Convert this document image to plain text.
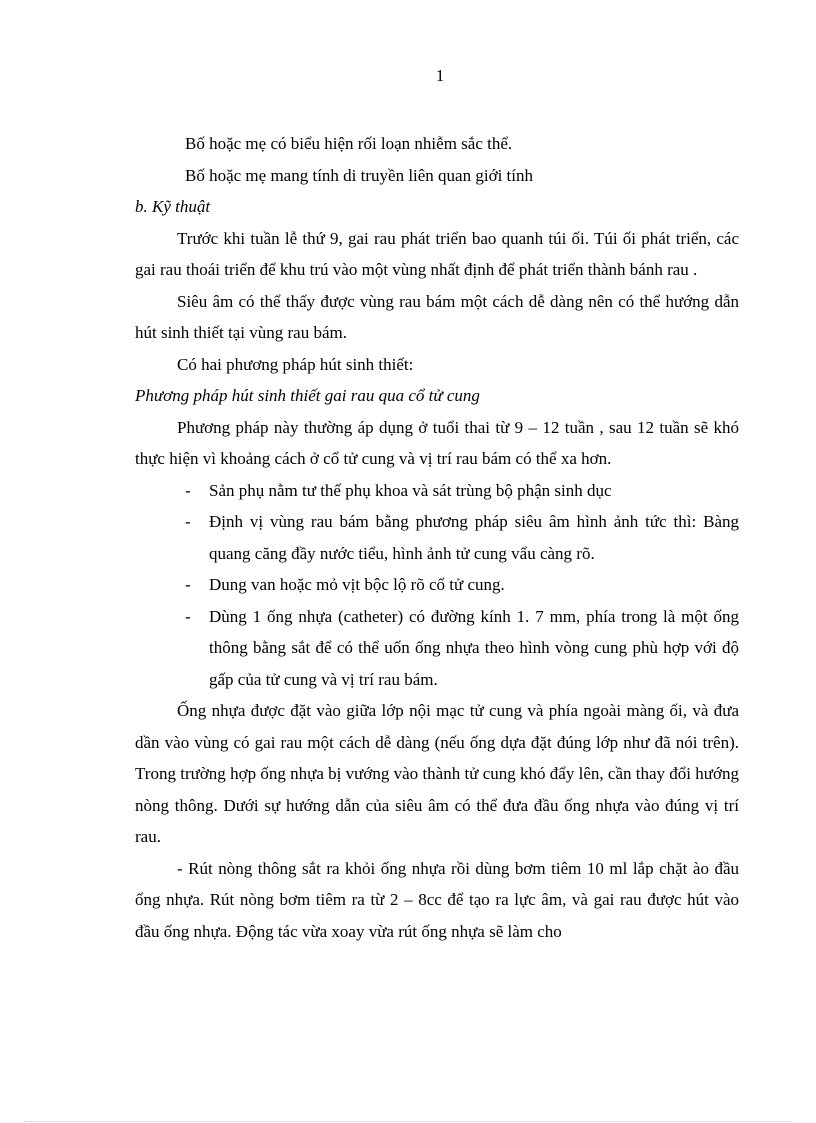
1

Bố hoặc mẹ có biểu hiện rối loạn nhiễm sắc thể.

Bố hoặc mẹ mang tính di truyền liên quan giới tính

b. Kỹ thuật

Trước khi tuần lễ thứ 9, gai rau phát triển bao quanh túi ối. Túi ối phát triển, các gai rau thoái triển để khu trú vào một vùng nhất định để phát triển thành bánh rau .

Siêu âm có thể thấy được vùng rau bám một cách dễ dàng nên có thể hướng dẫn hút sinh thiết tại vùng rau bám.

Có hai phương pháp hút sinh thiết:

Phương pháp hút sinh thiết gai rau qua cổ tử cung

Phương pháp này thường áp dụng ở tuổi thai từ 9 – 12 tuần , sau 12 tuần sẽ khó thực hiện vì khoảng cách ở cổ tử cung và vị trí rau bám có thể xa hơn.

- Sản phụ nằm tư thế phụ khoa và sát trùng bộ phận sinh dục
- Định vị vùng rau bám bằng phương pháp siêu âm hình ảnh tức thì: Bàng quang căng đầy nước tiểu, hình ảnh tử cung vẩu càng rõ.
- Dung van hoặc mỏ vịt bộc lộ rõ cổ tử cung.
- Dùng 1 ống nhựa (catheter) có đường kính 1. 7 mm, phía trong là một ống thông bằng sắt để có thể uốn ống nhựa theo hình vòng cung phù hợp với độ gấp của tử cung và vị trí rau bám.

Ống nhựa được đặt vào giữa lớp nội mạc tử cung và phía ngoài màng ối, và đưa dần vào vùng có gai rau một cách dễ dàng (nếu ống dựa đặt đúng lớp như đã nói trên). Trong trường hợp ống nhựa bị vướng vào thành tử cung khó đẩy lên, cần thay đổi hướng nòng thông. Dưới sự hướng dẫn của siêu âm có thể đưa đầu ống nhựa vào đúng vị trí rau.

- Rút nòng thông sắt ra khỏi ống nhựa rồi dùng bơm tiêm 10 ml lắp chặt ào đầu ống nhựa. Rút nòng bơm tiêm ra từ 2 – 8cc để tạo ra lực âm, và gai rau được hút vào đầu ống nhựa. Động tác vừa xoay vừa rút ống nhựa sẽ làm cho
